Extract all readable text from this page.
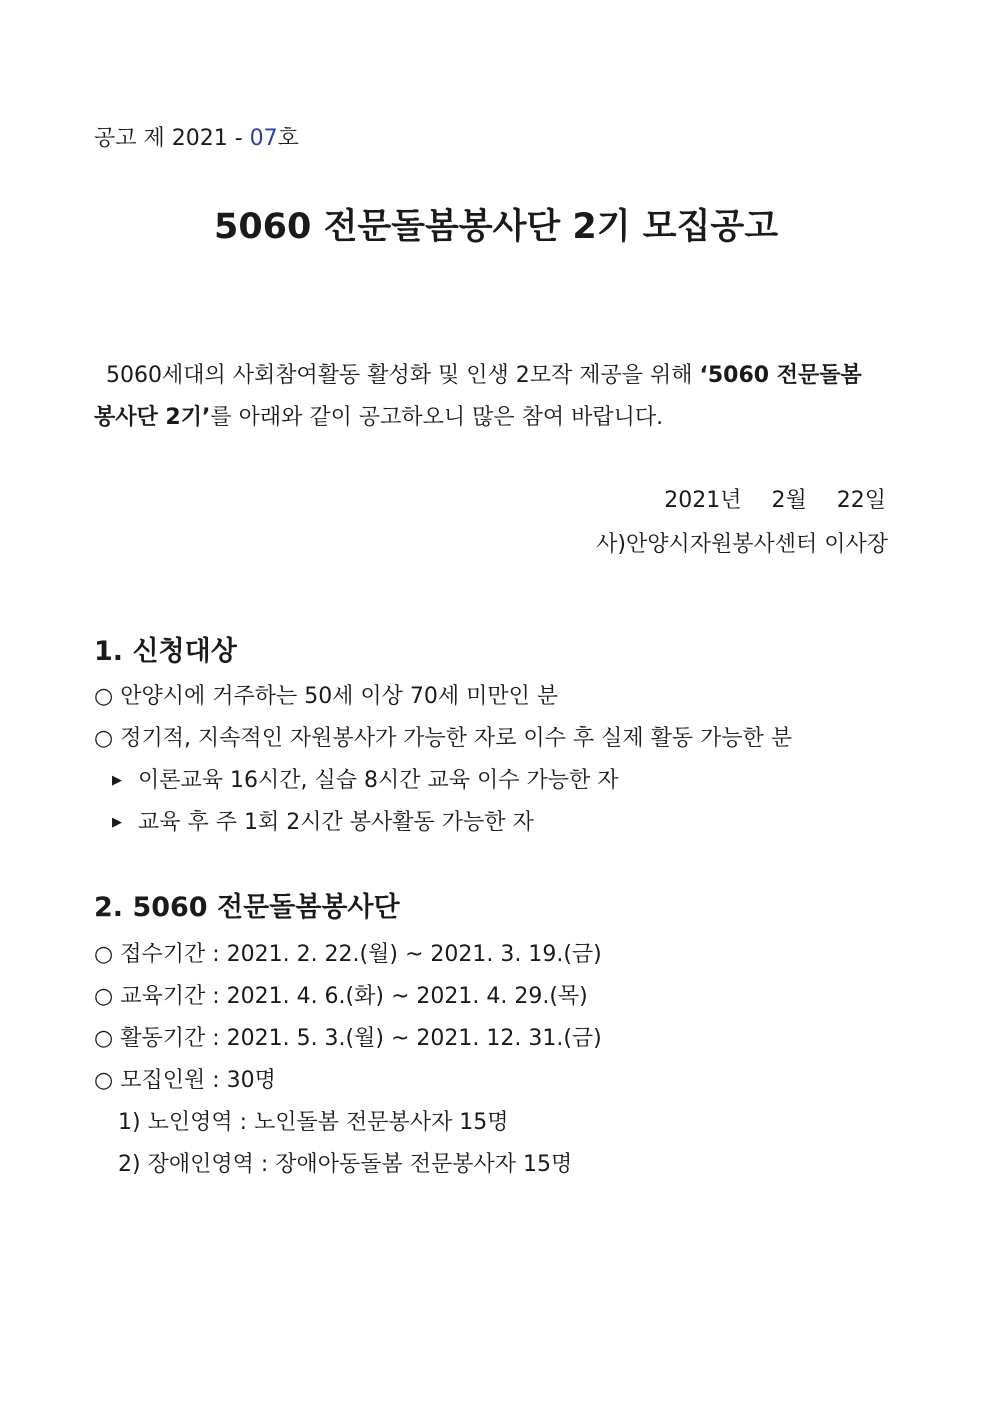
공고 제 2021 - 07호
5060 전문돌봄봉사단 2기 모집공고
5060세대의 사회참여활동 활성화 및 인생 2모작 제공을 위해 ‘5060 전문돌봄
봉사단 2기’를 아래와 같이 공고하오니 많은 참여 바랍니다.
2021년 2월 22일
사)안양시자원봉사센터 이사장
1. 신청대상
○ 안양시에 거주하는 50세 이상 70세 미만인 분
○ 정기적, 지속적인 자원봉사가 가능한 자로 이수 후 실제 활동 가능한 분
▶ 이론교육 16시간, 실습 8시간 교육 이수 가능한 자
▶ 교육 후 주 1회 2시간 봉사활동 가능한 자
2. 5060 전문돌봄봉사단
○ 접수기간 : 2021. 2. 22.(월) ~ 2021. 3. 19.(금)
○ 교육기간 : 2021. 4. 6.(화) ~ 2021. 4. 29.(목)
○ 활동기간 : 2021. 5. 3.(월) ~ 2021. 12. 31.(금)
○ 모집인원 : 30명
1) 노인영역 : 노인돌봄 전문봉사자 15명
2) 장애인영역 : 장애아동돌봄 전문봉사자 15명
